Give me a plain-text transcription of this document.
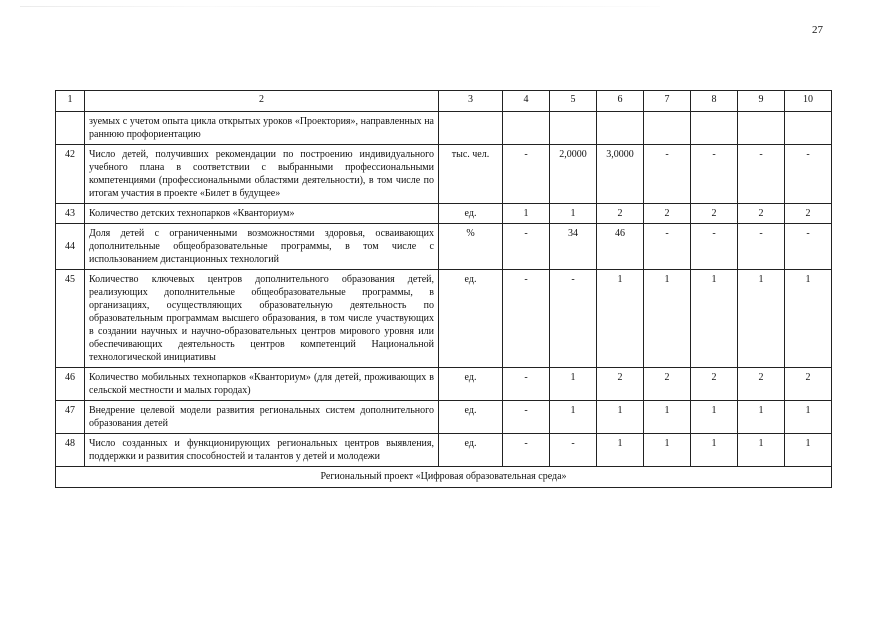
27
1	2	3	4	5	6	7	8	9	10
	зуемых с учетом опыта цикла открытых уроков «Проектория», направленных на раннюю профориентацию								
42	Число детей, получивших рекомендации по построению индивидуального учебного плана в соответствии с выбранными профессиональными компетенциями (профессиональными областями деятельности), в том числе по итогам участия в проекте «Билет в будущее»	тыс. чел.	-	2,0000	3,0000	-	-	-	-
43	Количество детских технопарков «Кванториум»	ед.	1	1	2	2	2	2	2
44	Доля детей с ограниченными возможностями здоровья, осваивающих дополнительные общеобразовательные программы, в том числе с использованием дистанционных технологий	%	-	34	46	-	-	-	-
45	Количество ключевых центров дополнительного образования детей, реализующих дополнительные общеобразовательные программы, в организациях, осуществляющих образовательную деятельность по образовательным программам высшего образования, в том числе участвующих в создании научных и научно-образовательных центров мирового уровня или обеспечивающих деятельность центров компетенций Национальной технологической инициативы	ед.	-	-	1	1	1	1	1
46	Количество мобильных технопарков «Кванториум» (для детей, проживающих в сельской местности и малых городах)	ед.	-	1	2	2	2	2	2
47	Внедрение целевой модели развития региональных систем дополнительного образования детей	ед.	-	1	1	1	1	1	1
48	Число созданных и функционирующих региональных центров выявления, поддержки и развития способностей и талантов у детей и молодежи	ед.	-	-	1	1	1	1	1
Региональный проект «Цифровая образовательная среда»									
